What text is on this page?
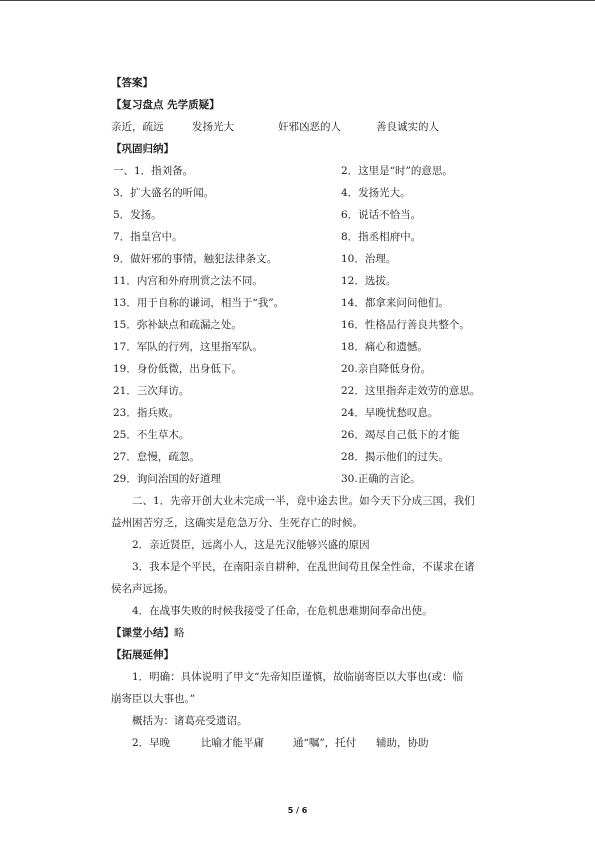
【答案】
【复习盘点 先学质疑】
亲近，疏远	发扬光大	奸邪凶恶的人	善良诚实的人
【巩固归纳】
一、1．指刘备。	2．这里是“时”的意思。
3．扩大盛名的听闻。	4．发扬光大。
5．发扬。	6．说话不恰当。
7．指皇宫中。	8．指丞相府中。
9．做奸邪的事情，触犯法律条文。	10．治理。
11．内宫和外府刑赏之法不同。	12．选拔。
13．用于自称的谦词，相当于“我”。	14．都拿来问问他们。
15．弥补缺点和疏漏之处。	16．性格品行善良共整个。
17．军队的行列，这里指军队。	18．痛心和遗憾。
19．身份低微，出身低下。	20.亲自降低身份。
21．三次拜访。	22．这里指奔走效劳的意思。
23．指兵败。	24．早晚忧愁叹息。
25．不生草木。	26．竭尽自己低下的才能
27．怠慢，疏忽。	28．揭示他们的过失。
29．询问治国的好道理	30.正确的言论。
二、1．先帝开创大业未完成一半，竟中途去世。如今天下分成三国，我们
益州困苦穷乏，这确实是危急万分、生死存亡的时候。
2．亲近贤臣，远离小人，这是先汉能够兴盛的原因
3．我本是个平民，在南阳亲自耕种，在乱世间苟且保全性命，不谋求在诸
侯名声远扬。
4．在战事失败的时候我接受了任命，在危机患难期间奉命出使。
【课堂小结】略
【拓展延伸】
1．明确：具体说明了甲文“先帝知臣谨慎，故临崩寄臣以大事也(或：临
崩寄臣以大事也。”
概括为：诸葛亮受遗诏。
2．早晚	比喻才能平庸	通“嘱”，托付 辅助，协助
5 / 6
